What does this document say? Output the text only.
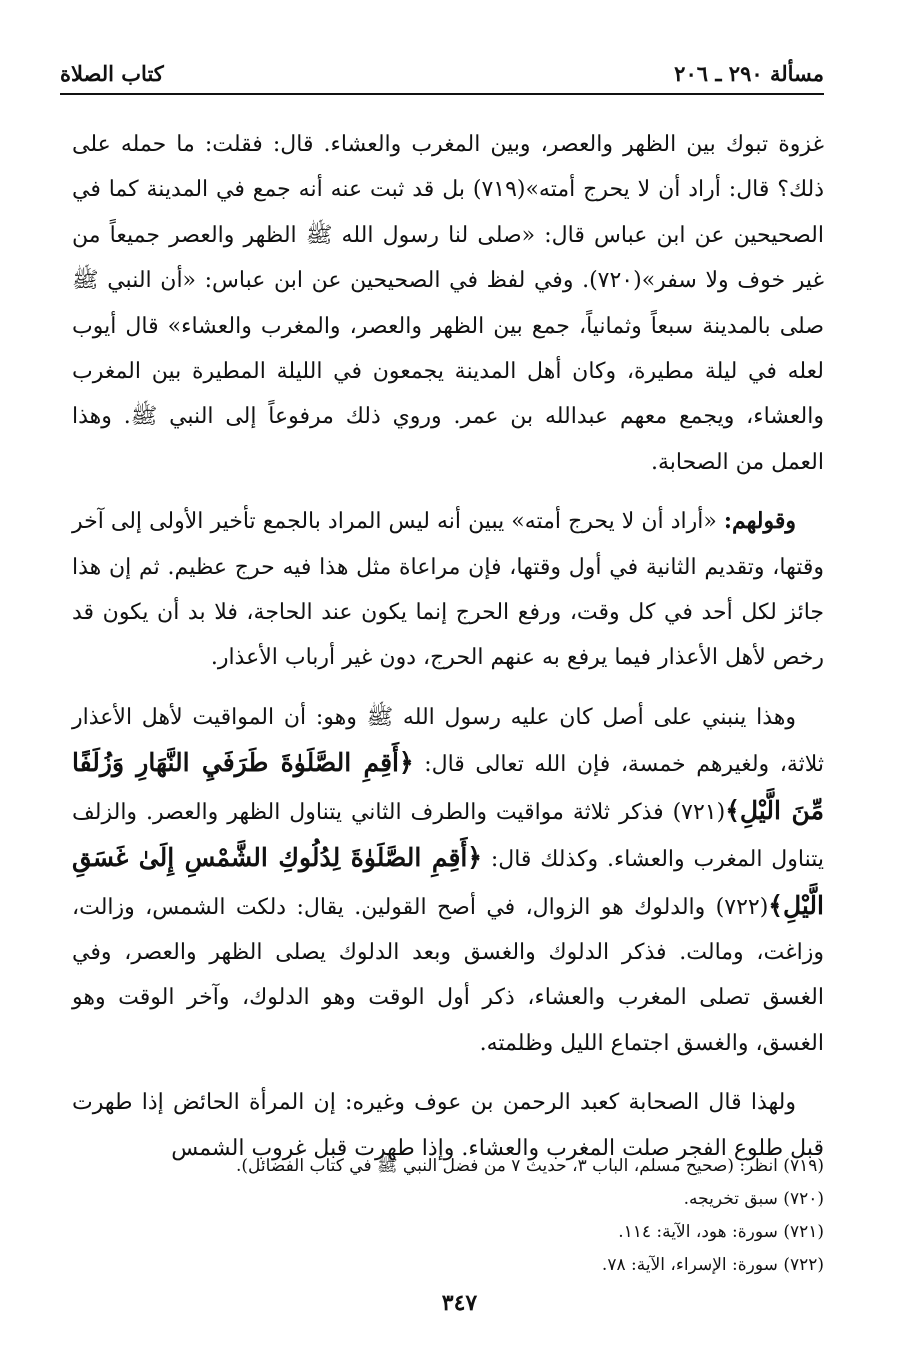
مسألة ٢٩٠ ـ ٢٠٦
كتاب الصلاة

غزوة تبوك بين الظهر والعصر، وبين المغرب والعشاء. قال: فقلت: ما حمله على ذلك؟ قال: أراد أن لا يحرج أمته»(٧١٩) بل قد ثبت عنه أنه جمع في المدينة كما في الصحيحين عن ابن عباس قال: «صلى لنا رسول الله ﷺ الظهر والعصر جميعاً من غير خوف ولا سفر»(٧٢٠). وفي لفظ في الصحيحين عن ابن عباس: «أن النبي ﷺ صلى بالمدينة سبعاً وثمانياً، جمع بين الظهر والعصر، والمغرب والعشاء» قال أيوب لعله في ليلة مطيرة، وكان أهل المدينة يجمعون في الليلة المطيرة بين المغرب والعشاء، ويجمع معهم عبدالله بن عمر. وروي ذلك مرفوعاً إلى النبي ﷺ. وهذا العمل من الصحابة.

وقولهم: «أراد أن لا يحرج أمته» يبين أنه ليس المراد بالجمع تأخير الأولى إلى آخر وقتها، وتقديم الثانية في أول وقتها، فإن مراعاة مثل هذا فيه حرج عظيم. ثم إن هذا جائز لكل أحد في كل وقت، ورفع الحرج إنما يكون عند الحاجة، فلا بد أن يكون قد رخص لأهل الأعذار فيما يرفع به عنهم الحرج، دون غير أرباب الأعذار.

وهذا ينبني على أصل كان عليه رسول الله ﷺ وهو: أن المواقيت لأهل الأعذار ثلاثة، ولغيرهم خمسة، فإن الله تعالى قال: ﴿أَقِمِ الصَّلَوٰةَ طَرَفَيِ النَّهَارِ وَزُلَفًا مِّنَ الَّيْلِ﴾(٧٢١) فذكر ثلاثة مواقيت والطرف الثاني يتناول الظهر والعصر. والزلف يتناول المغرب والعشاء. وكذلك قال: ﴿أَقِمِ الصَّلَوٰةَ لِدُلُوكِ الشَّمْسِ إِلَىٰ غَسَقِ الَّيْلِ﴾(٧٢٢) والدلوك هو الزوال، في أصح القولين. يقال: دلكت الشمس، وزالت، وزاغت، ومالت. فذكر الدلوك والغسق وبعد الدلوك يصلى الظهر والعصر، وفي الغسق تصلى المغرب والعشاء، ذكر أول الوقت وهو الدلوك، وآخر الوقت وهو الغسق، والغسق اجتماع الليل وظلمته.

ولهذا قال الصحابة كعبد الرحمن بن عوف وغيره: إن المرأة الحائض إذا طهرت قبل طلوع الفجر صلت المغرب والعشاء. وإذا طهرت قبل غروب الشمس

(٧١٩) انظر: (صحيح مسلم، الباب ٣، حديث ٧ من فضل النبي ﷺ في كتاب الفضائل).

(٧٢٠) سبق تخريجه.

(٧٢١) سورة: هود، الآية: ١١٤.

(٧٢٢) سورة: الإسراء، الآية: ٧٨.

٣٤٧
